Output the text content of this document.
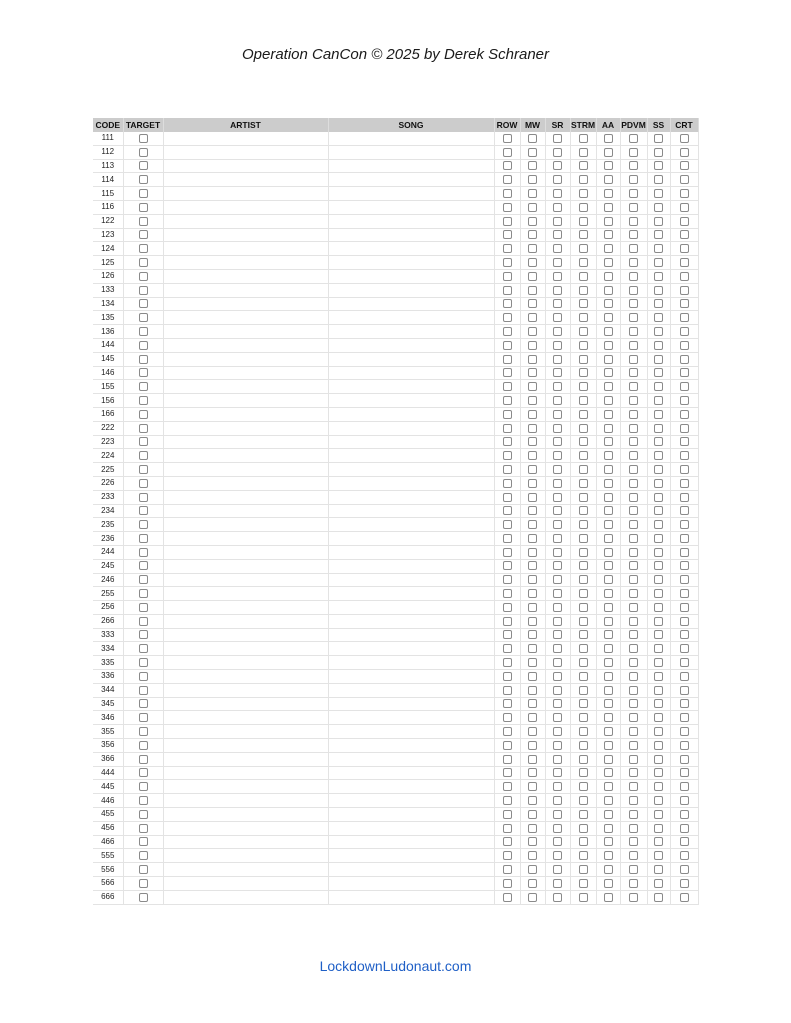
Operation CanCon © 2025 by Derek Schraner
CODE	TARGET	ARTIST	SONG	ROW	MW	SR	STRM	AA	PDVM	SS	CRT
111											
112											
113											
114											
115											
116											
122											
123											
124											
125											
126											
133											
134											
135											
136											
144											
145											
146											
155											
156											
166											
222											
223											
224											
225											
226											
233											
234											
235											
236											
244											
245											
246											
255											
256											
266											
333											
334											
335											
336											
344											
345											
346											
355											
356											
366											
444											
445											
446											
455											
456											
466											
555											
556											
566											
666											
LockdownLudonaut.com
